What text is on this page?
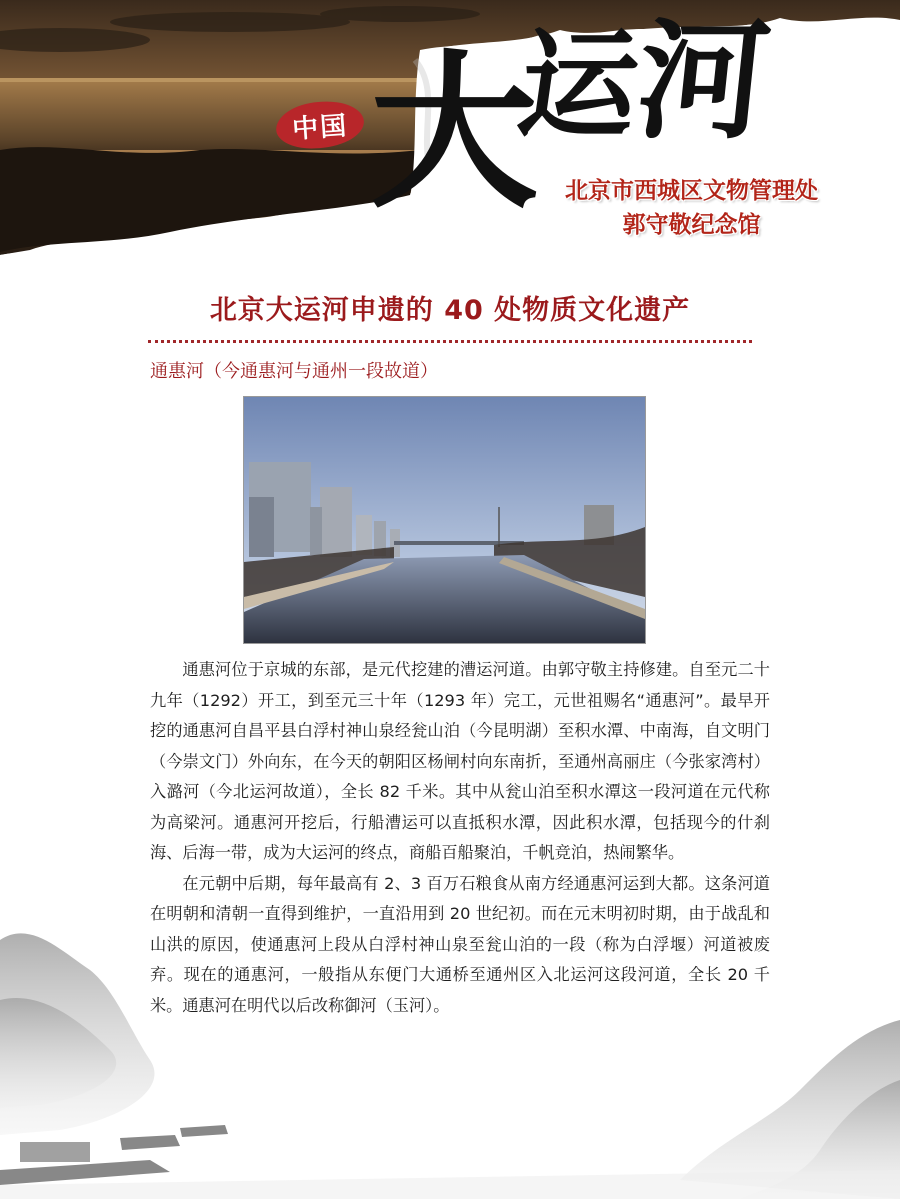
中国 大
运
河
北京市西城区文物管理处
郭守敬纪念馆
北京大运河申遗的 40 处物质文化遗产
通惠河（今通惠河与通州一段故道）

通惠河位于京城的东部，是元代挖建的漕运河道。由郭守敬主持修建。自至元二十九年（1292）开工，到至元三十年（1293 年）完工，元世祖赐名“通惠河”。最早开挖的通惠河自昌平县白浮村神山泉经瓮山泊（今昆明湖）至积水潭、中南海，自文明门（今崇文门）外向东，在今天的朝阳区杨闸村向东南折，至通州高丽庄（今张家湾村）入潞河（今北运河故道），全长 82 千米。其中从瓮山泊至积水潭这一段河道在元代称为高梁河。通惠河开挖后，行船漕运可以直抵积水潭，因此积水潭，包括现今的什刹海、后海一带，成为大运河的终点，商船百船聚泊，千帆竞泊，热闹繁华。

在元朝中后期，每年最高有 2、3 百万石粮食从南方经通惠河运到大都。这条河道在明朝和清朝一直得到维护，一直沿用到 20 世纪初。而在元末明初时期，由于战乱和山洪的原因，使通惠河上段从白浮村神山泉至瓮山泊的一段（称为白浮堰）河道被废弃。现在的通惠河，一般指从东便门大通桥至通州区入北运河这段河道，全长 20 千米。通惠河在明代以后改称御河（玉河）。
